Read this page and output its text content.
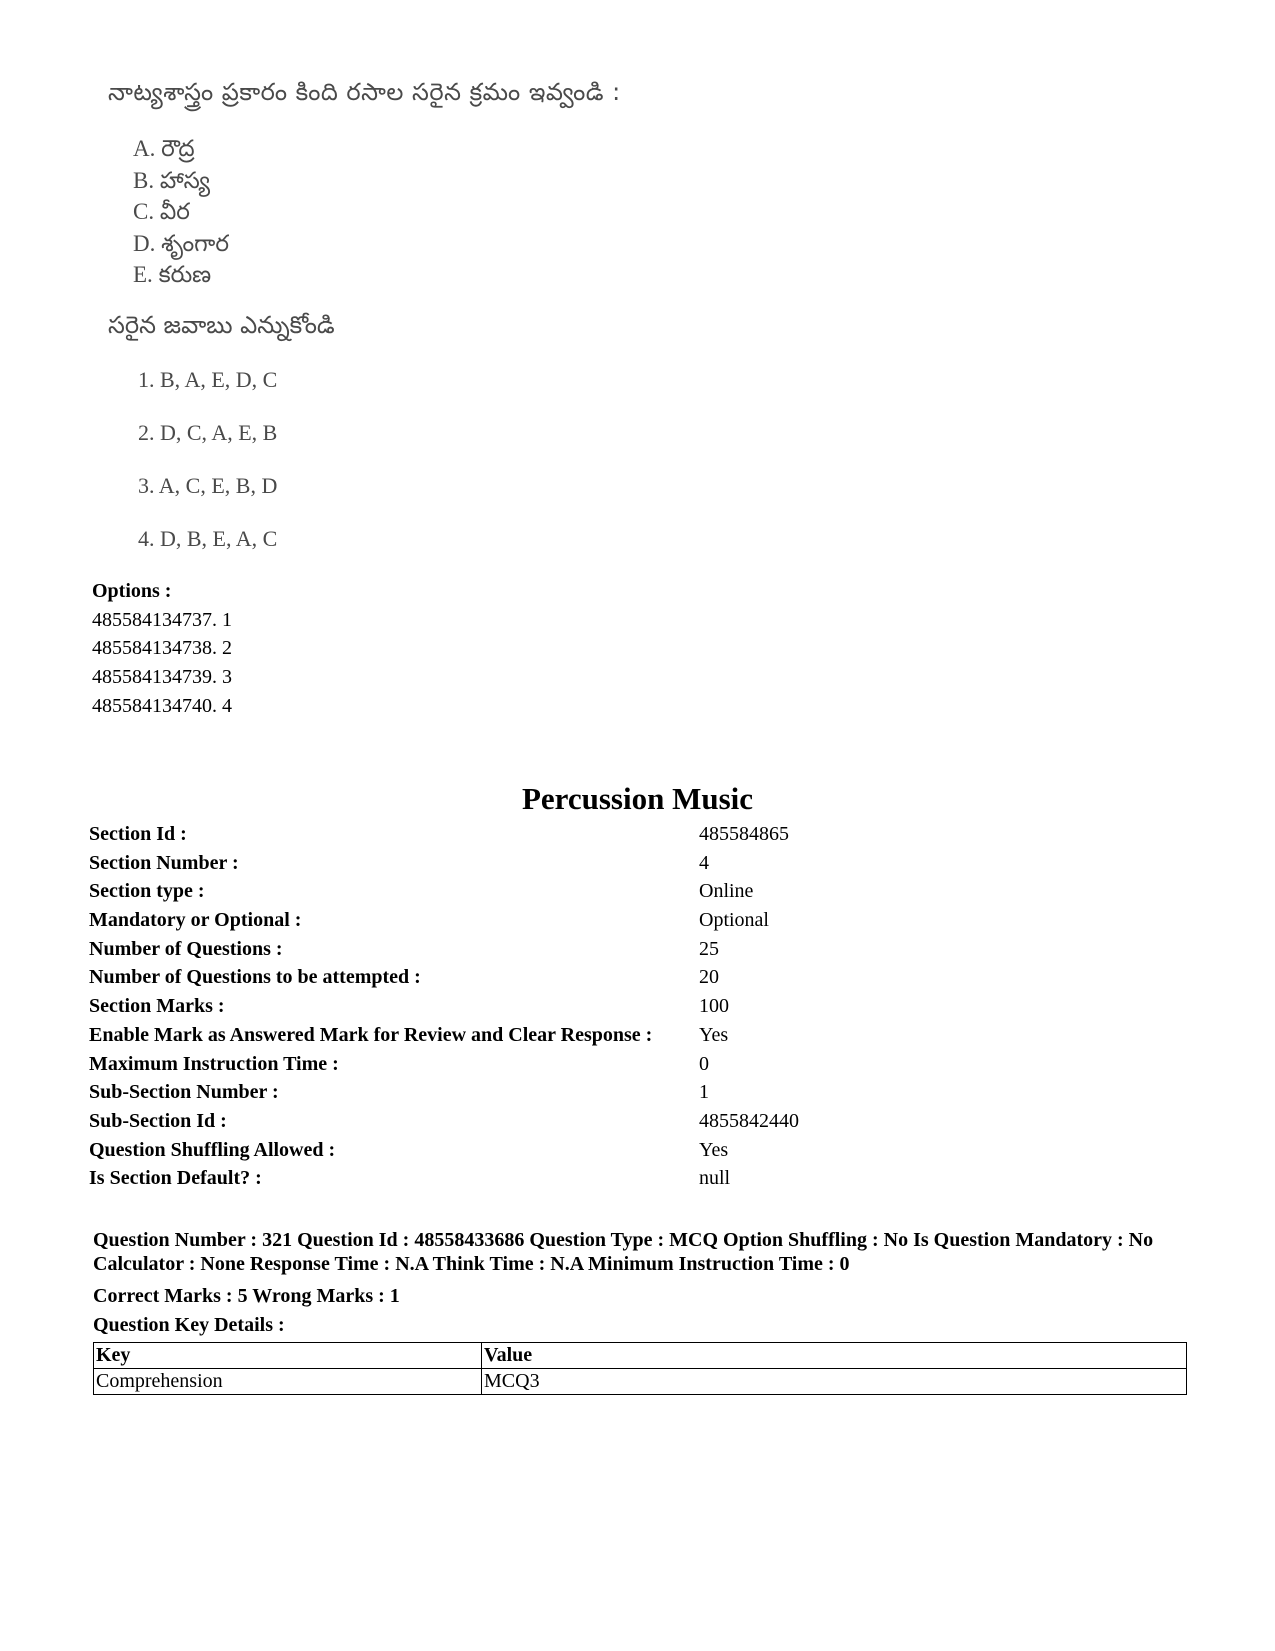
నాట్యశాస్త్రం ప్రకారం కింది రసాల సరైన క్రమం ఇవ్వండి :
A. రౌద్ర
B. హాస్య
C. వీర
D. శృంగార
E. కరుణ
సరైన జవాబు ఎన్నుకోండి
1. B, A, E, D, C
2. D, C, A, E, B
3. A, C, E, B, D
4. D, B, E, A, C
Options :
485584134737. 1
485584134738. 2
485584134739. 3
485584134740. 4
Percussion Music
Section Id :	485584865
Section Number :	4
Section type :	Online
Mandatory or Optional :	Optional
Number of Questions :	25
Number of Questions to be attempted :	20
Section Marks :	100
Enable Mark as Answered Mark for Review and Clear Response : Yes
Maximum Instruction Time :	0
Sub-Section Number :	1
Sub-Section Id :	4855842440
Question Shuffling Allowed :	Yes
Is Section Default? :	null
Question Number : 321 Question Id : 48558433686 Question Type : MCQ Option Shuffling : No Is Question Mandatory : No Calculator : None Response Time : N.A Think Time : N.A Minimum Instruction Time : 0
Correct Marks : 5 Wrong Marks : 1
Question Key Details :
Key	Value
Comprehension	MCQ3
